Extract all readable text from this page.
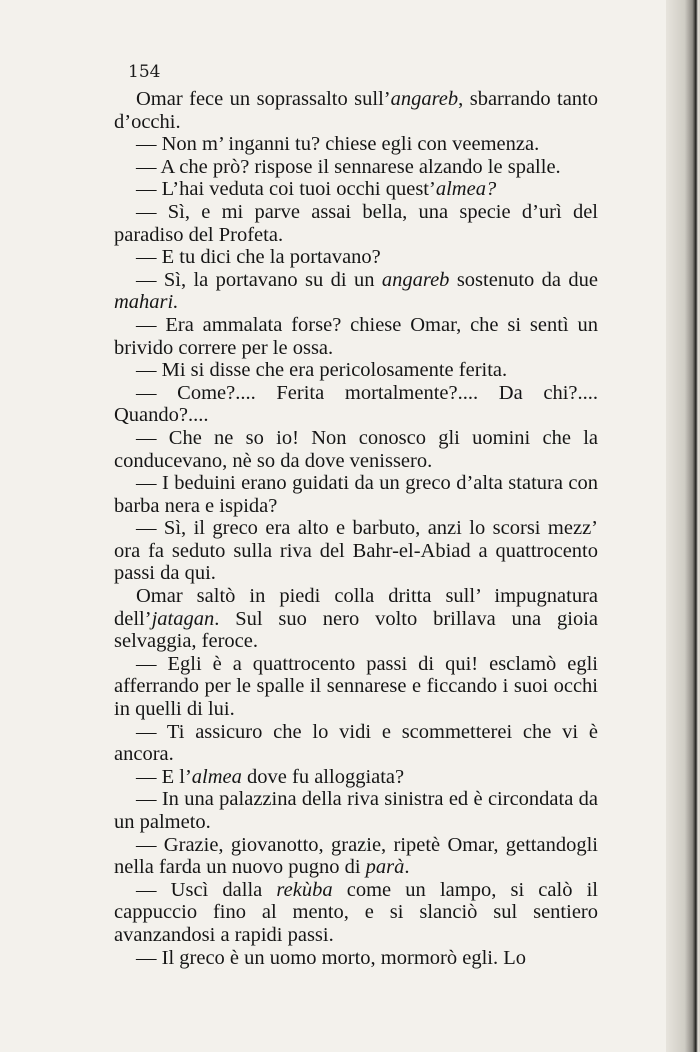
154

Omar fece un soprassalto sull’angareb, sbarrando tanto d’occhi.

— Non m’ inganni tu? chiese egli con veemenza.

— A che prò? rispose il sennarese alzando le spalle.

— L’hai veduta coi tuoi occhi quest’almea?

— Sì, e mi parve assai bella, una specie d’urì del paradiso del Profeta.

— E tu dici che la portavano?

— Sì, la portavano su di un angareb sostenuto da due mahari.

— Era ammalata forse? chiese Omar, che si sentì un brivido correre per le ossa.

— Mi si disse che era pericolosamente ferita.

— Come?.... Ferita mortalmente?.... Da chi?.... Quando?....

— Che ne so io! Non conosco gli uomini che la conducevano, nè so da dove venissero.

— I beduini erano guidati da un greco d’alta statura con barba nera e ispida?

— Sì, il greco era alto e barbuto, anzi lo scorsi mezz’ ora fa seduto sulla riva del Bahr-el-Abiad a quattrocento passi da qui.

Omar saltò in piedi colla dritta sull’ impugnatura dell’jatagan. Sul suo nero volto brillava una gioia selvaggia, feroce.

— Egli è a quattrocento passi di qui! esclamò egli afferrando per le spalle il sennarese e ficcando i suoi occhi in quelli di lui.

— Ti assicuro che lo vidi e scommetterei che vi è ancora.

— E l’almea dove fu alloggiata?

— In una palazzina della riva sinistra ed è circondata da un palmeto.

— Grazie, giovanotto, grazie, ripetè Omar, gettandogli nella farda un nuovo pugno di parà.

— Uscì dalla rekùba come un lampo, si calò il cappuccio fino al mento, e si slanciò sul sentiero avanzandosi a rapidi passi.

— Il greco è un uomo morto, mormorò egli. Lo
